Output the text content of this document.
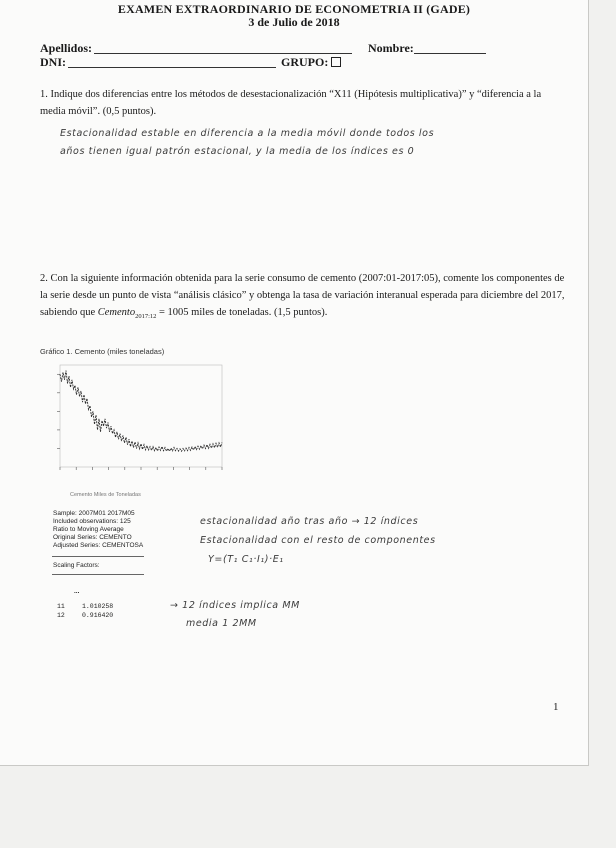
EXAMEN EXTRAORDINARIO DE ECONOMETRIA II (GADE)
3 de Julio de 2018
Apellidos:	Nombre:
DNI:	GRUPO:
1. Indique dos diferencias entre los métodos de desestacionalización “X11 (Hipótesis multiplicativa)” y “diferencia a la media móvil”. (0,5 puntos).
Estacionalidad estable en diferencia a la media móvil donde todos los
años tienen igual patrón estacional, y la media de los índices es 0
2. Con la siguiente información obtenida para la serie consumo de cemento (2007:01-2017:05), comente los componentes de la serie desde un punto de vista “análisis clásico” y obtenga la tasa de variación interanual esperada para diciembre del 2017, sabiendo que Cemento$_{2017:12}$ = 1005 miles de toneladas. (1,5 puntos).
Gráfico 1. Cemento (miles toneladas)
Cemento Miles de Toneladas
Sample: 2007M01 2017M05
Included observations: 125
Ratio to Moving Average
Original Series: CEMENTO
Adjusted Series: CEMENTOSA
Scaling Factors:
...
11	1.010258
12	0.916420
estacionalidad año tras año → 12 índices
Estacionalidad con el resto de componentes
Y=(T₁ C₁·I₁)·E₁
→ 12 índices implica MM
media 1 2MM
1
